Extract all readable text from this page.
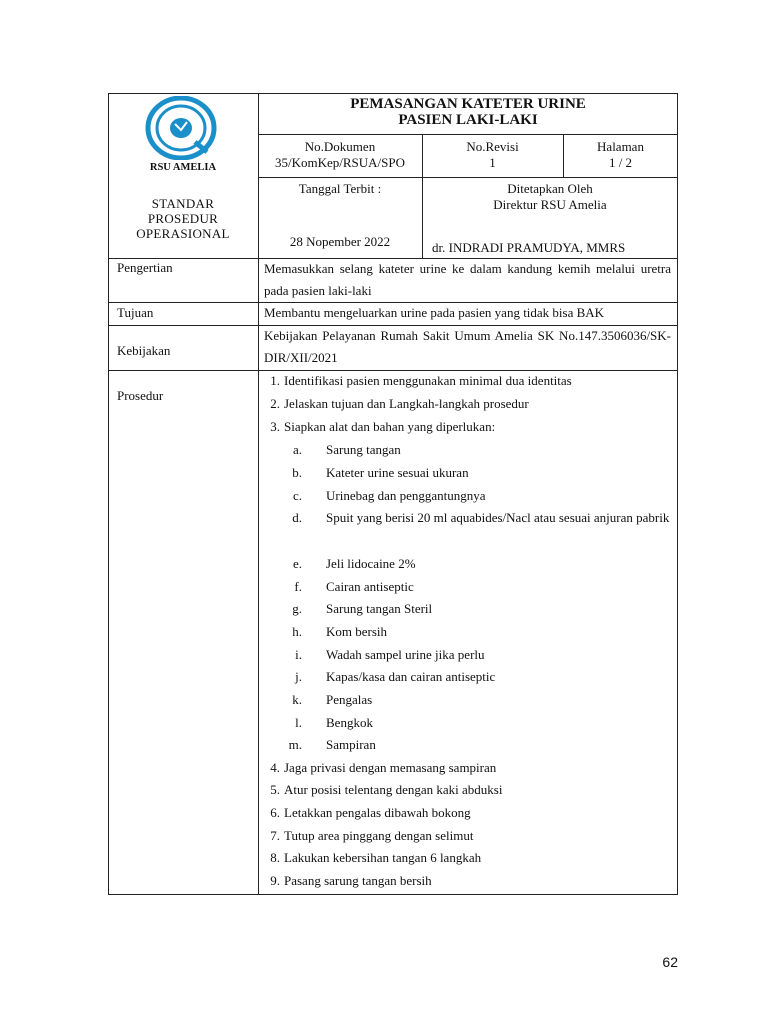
RSU AMELIA
STANDAR
PROSEDUR
OPERASIONAL
PEMASANGAN KATETER URINE
PASIEN LAKI-LAKI
No.Dokumen
35/KomKep/RSUA/SPO
No.Revisi
1
Halaman
1 / 2
Tanggal Terbit :
28 Nopember 2022
Ditetapkan Oleh
Direktur RSU Amelia
dr. INDRADI PRAMUDYA, MMRS
Pengertian	Memasukkan selang kateter urine ke dalam kandung kemih melalui uretra pada pasien laki-laki
Tujuan	Membantu mengeluarkan urine pada pasien yang tidak bisa BAK
Kebijakan
Kebijakan Pelayanan Rumah Sakit Umum Amelia SK No.147.3506036/SK-DIR/XII/2021
Prosedur
1. Identifikasi pasien menggunakan minimal dua identitas
2. Jelaskan tujuan dan Langkah-langkah prosedur
3. Siapkan alat dan bahan yang diperlukan:
a. Sarung tangan
b. Kateter urine sesuai ukuran
c. Urinebag dan penggantungnya
d. Spuit yang berisi 20 ml aquabides/Nacl atau sesuai anjuran pabrik
e. Jeli lidocaine 2%
f. Cairan antiseptic
g. Sarung tangan Steril
h. Kom bersih
i. Wadah sampel urine jika perlu
j. Kapas/kasa dan cairan antiseptic
k. Pengalas
l. Bengkok
m. Sampiran
4. Jaga privasi dengan memasang sampiran
5. Atur posisi telentang dengan kaki abduksi
6. Letakkan pengalas dibawah bokong
7. Tutup area pinggang dengan selimut
8. Lakukan kebersihan tangan 6 langkah
9. Pasang sarung tangan bersih
62
